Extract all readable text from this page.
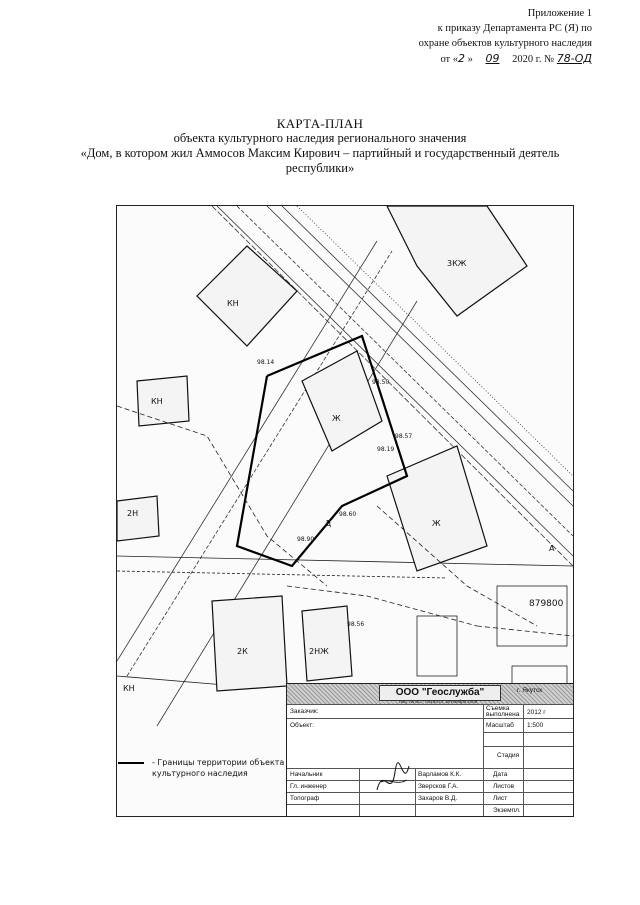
Приложение 1
к приказу Департамента РС (Я) по
охране объектов культурного наследия
от «2 » 09 2020 г. № 78-ОД
КАРТА-ПЛАН
объекта культурного наследия регионального значения
«Дом, в котором жил Аммосов Максим Кирович – партийный и государственный деятель
республики»
КН
КН
КН
Ж
Ж
3КЖ
2Н
2К	2НЖ
879800
98.90
98.60
98.56
98.50
98.19
98.57
98.14
А
Д
- Границы территории объекта культурного наследия
ООО "Геослужба"
Лиц. № ВС - 00164 от 18 ноября 2009
г. Якутск
Заказчик:
Объект:
Съемка выполнена	2012 г
Масштаб 1:500
Стадия
Начальник	Варламов К.К.	Дата
Гл. инженер	Зверсков Г.А.	Листов
Топограф	Захаров В.Д.	Лист
Экземпл.
